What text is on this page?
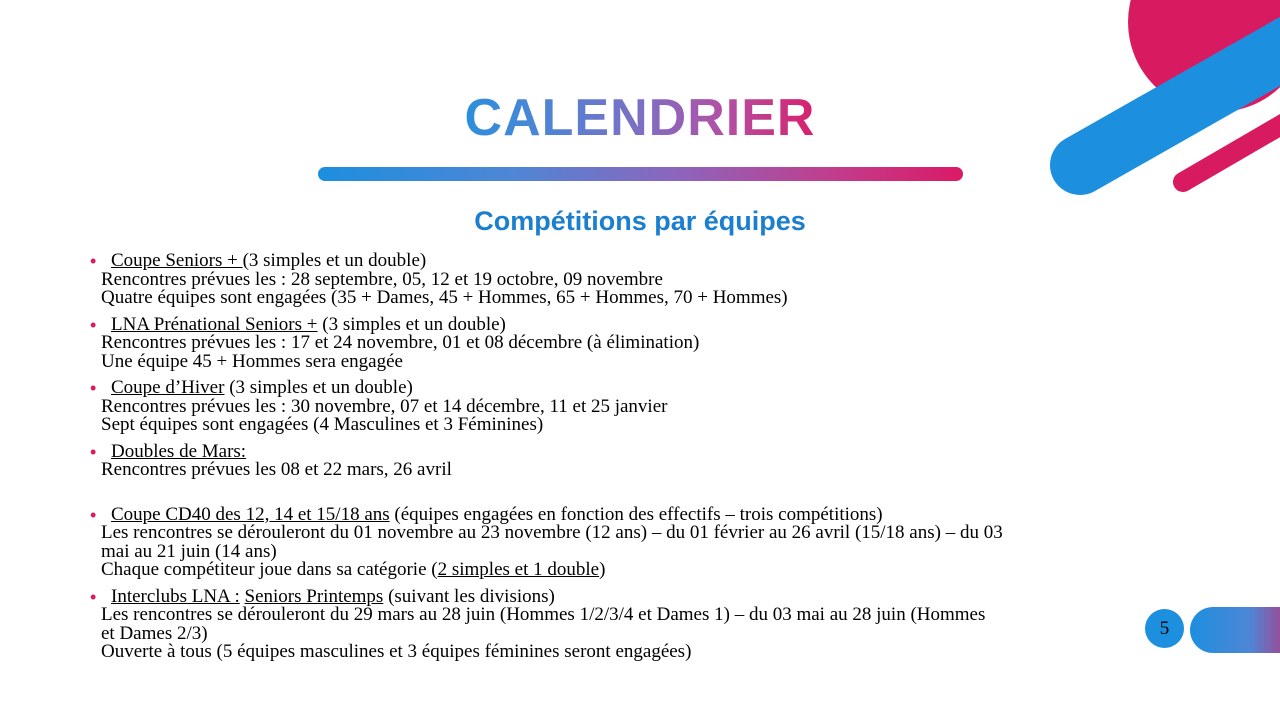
CALENDRIER
Compétitions par équipes
• Coupe Seniors + (3 simples et un double)
Rencontres prévues les : 28 septembre, 05, 12 et 19 octobre, 09 novembre
Quatre équipes sont engagées (35 + Dames, 45 + Hommes, 65 + Hommes, 70 + Hommes)
• LNA Prénational Seniors + (3 simples et un double)
Rencontres prévues les : 17 et 24 novembre, 01 et 08 décembre (à élimination)
Une équipe 45 + Hommes sera engagée
• Coupe d’Hiver (3 simples et un double)
Rencontres prévues les : 30 novembre, 07 et 14 décembre, 11 et 25 janvier
Sept équipes sont engagées (4 Masculines et 3 Féminines)
• Doubles de Mars:
Rencontres prévues les 08 et 22 mars, 26 avril
• Coupe CD40 des 12, 14 et 15/18 ans (équipes engagées en fonction des effectifs – trois compétitions)
Les rencontres se dérouleront du 01 novembre au 23 novembre (12 ans) – du 01 février au 26 avril (15/18 ans) – du 03
mai au 21 juin (14 ans)
Chaque compétiteur joue dans sa catégorie (2 simples et 1 double)
• Interclubs LNA : Seniors Printemps (suivant les divisions)
Les rencontres se dérouleront du 29 mars au 28 juin (Hommes 1/2/3/4 et Dames 1) – du 03 mai au 28 juin (Hommes
et Dames 2/3)
Ouverte à tous (5 équipes masculines et 3 équipes féminines seront engagées)
5
